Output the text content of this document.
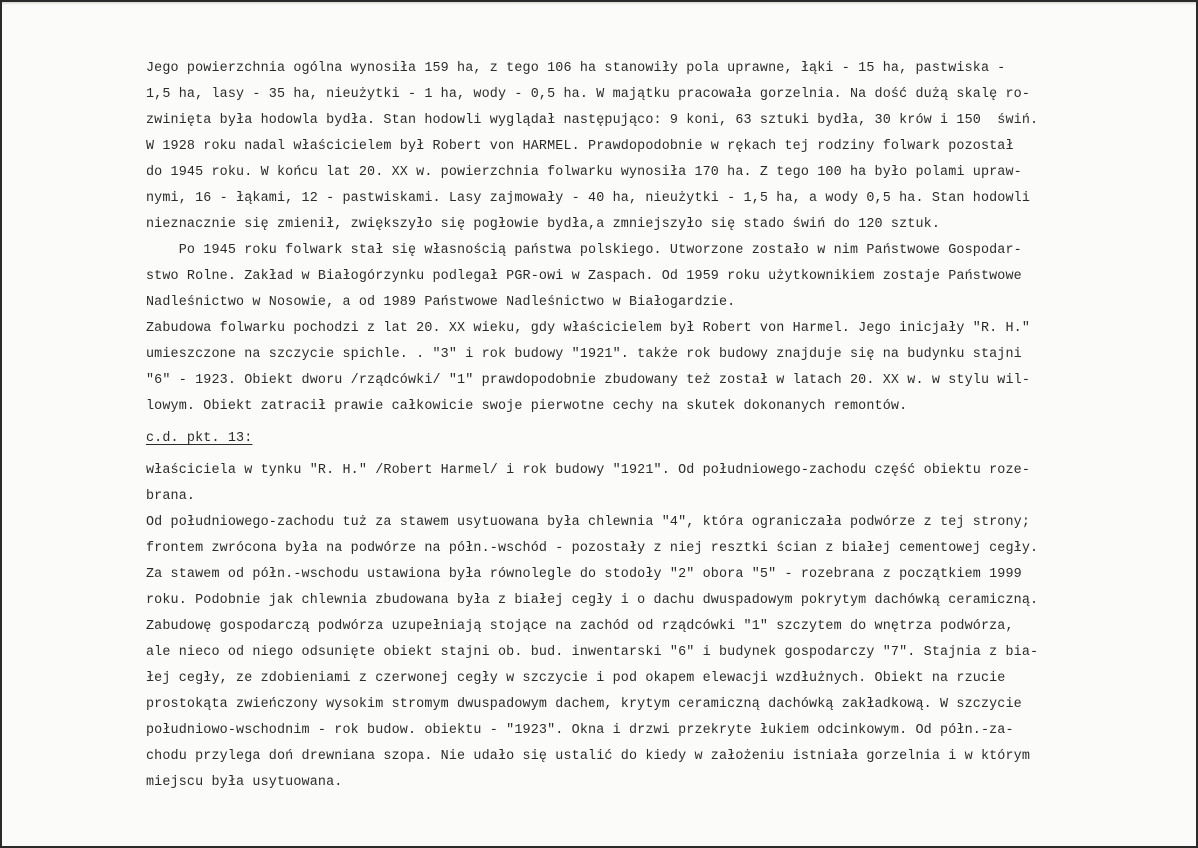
Jego powierzchnia ogólna wynosiła 159 ha, z tego 106 ha stanowiły pola uprawne, łąki - 15 ha, pastwiska -
1,5 ha, lasy - 35 ha, nieużytki - 1 ha, wody - 0,5 ha. W majątku pracowała gorzelnia. Na dość dużą skalę ro-
zwinięta była hodowla bydła. Stan hodowli wyglądał następująco: 9 koni, 63 sztuki bydła, 30 krów i 150  świń.
W 1928 roku nadal właścicielem był Robert von HARMEL. Prawdopodobnie w rękach tej rodziny folwark pozostał
do 1945 roku. W końcu lat 20. XX w. powierzchnia folwarku wynosiła 170 ha. Z tego 100 ha było polami upraw-
nymi, 16 - łąkami, 12 - pastwiskami. Lasy zajmowały - 40 ha, nieużytki - 1,5 ha, a wody 0,5 ha. Stan hodowli
nieznacznie się zmienił, zwiększyło się pogłowie bydła,a zmniejszyło się stado świń do 120 sztuk.
Po 1945 roku folwark stał się własnością państwa polskiego. Utworzone zostało w nim Państwowe Gospodar-
stwo Rolne. Zakład w Białogórzynku podlegał PGR-owi w Zaspach. Od 1959 roku użytkownikiem zostaje Państwowe
Nadleśnictwo w Nosowie, a od 1989 Państwowe Nadleśnictwo w Białogardzie.
Zabudowa folwarku pochodzi z lat 20. XX wieku, gdy właścicielem był Robert von Harmel. Jego inicjały "R. H."
umieszczone na szczycie spichle. . "3" i rok budowy "1921". także rok budowy znajduje się na budynku stajni
"6" - 1923. Obiekt dworu /rządcówki/ "1" prawdopodobnie zbudowany też został w latach 20. XX w. w stylu wil-
lowym. Obiekt zatracił prawie całkowicie swoje pierwotne cechy na skutek dokonanych remontów.
c.d. pkt. 13:
właściciela w tynku "R. H." /Robert Harmel/ i rok budowy "1921". Od południowego-zachodu część obiektu roze-
brana.
Od południowego-zachodu tuż za stawem usytuowana była chlewnia "4", która ograniczała podwórze z tej strony;
frontem zwrócona była na podwórze na półn.-wschód - pozostały z niej resztki ścian z białej cementowej cegły.
Za stawem od półn.-wschodu ustawiona była równolegle do stodoły "2" obora "5" - rozebrana z początkiem 1999
roku. Podobnie jak chlewnia zbudowana była z białej cegły i o dachu dwuspadowym pokrytym dachówką ceramiczną.
Zabudowę gospodarczą podwórza uzupełniają stojące na zachód od rządcówki "1" szczytem do wnętrza podwórza,
ale nieco od niego odsunięte obiekt stajni ob. bud. inwentarski "6" i budynek gospodarczy "7". Stajnia z bia-
łej cegły, ze zdobieniami z czerwonej cegły w szczycie i pod okapem elewacji wzdłużnych. Obiekt na rzucie
prostokąta zwieńczony wysokim stromym dwuspadowym dachem, krytym ceramiczną dachówką zakładkową. W szczycie
południowo-wschodnim - rok budow. obiektu - "1923". Okna i drzwi przekryte łukiem odcinkowym. Od półn.-za-
chodu przylega doń drewniana szopa. Nie udało się ustalić do kiedy w założeniu istniała gorzelnia i w którym
miejscu była usytuowana.
